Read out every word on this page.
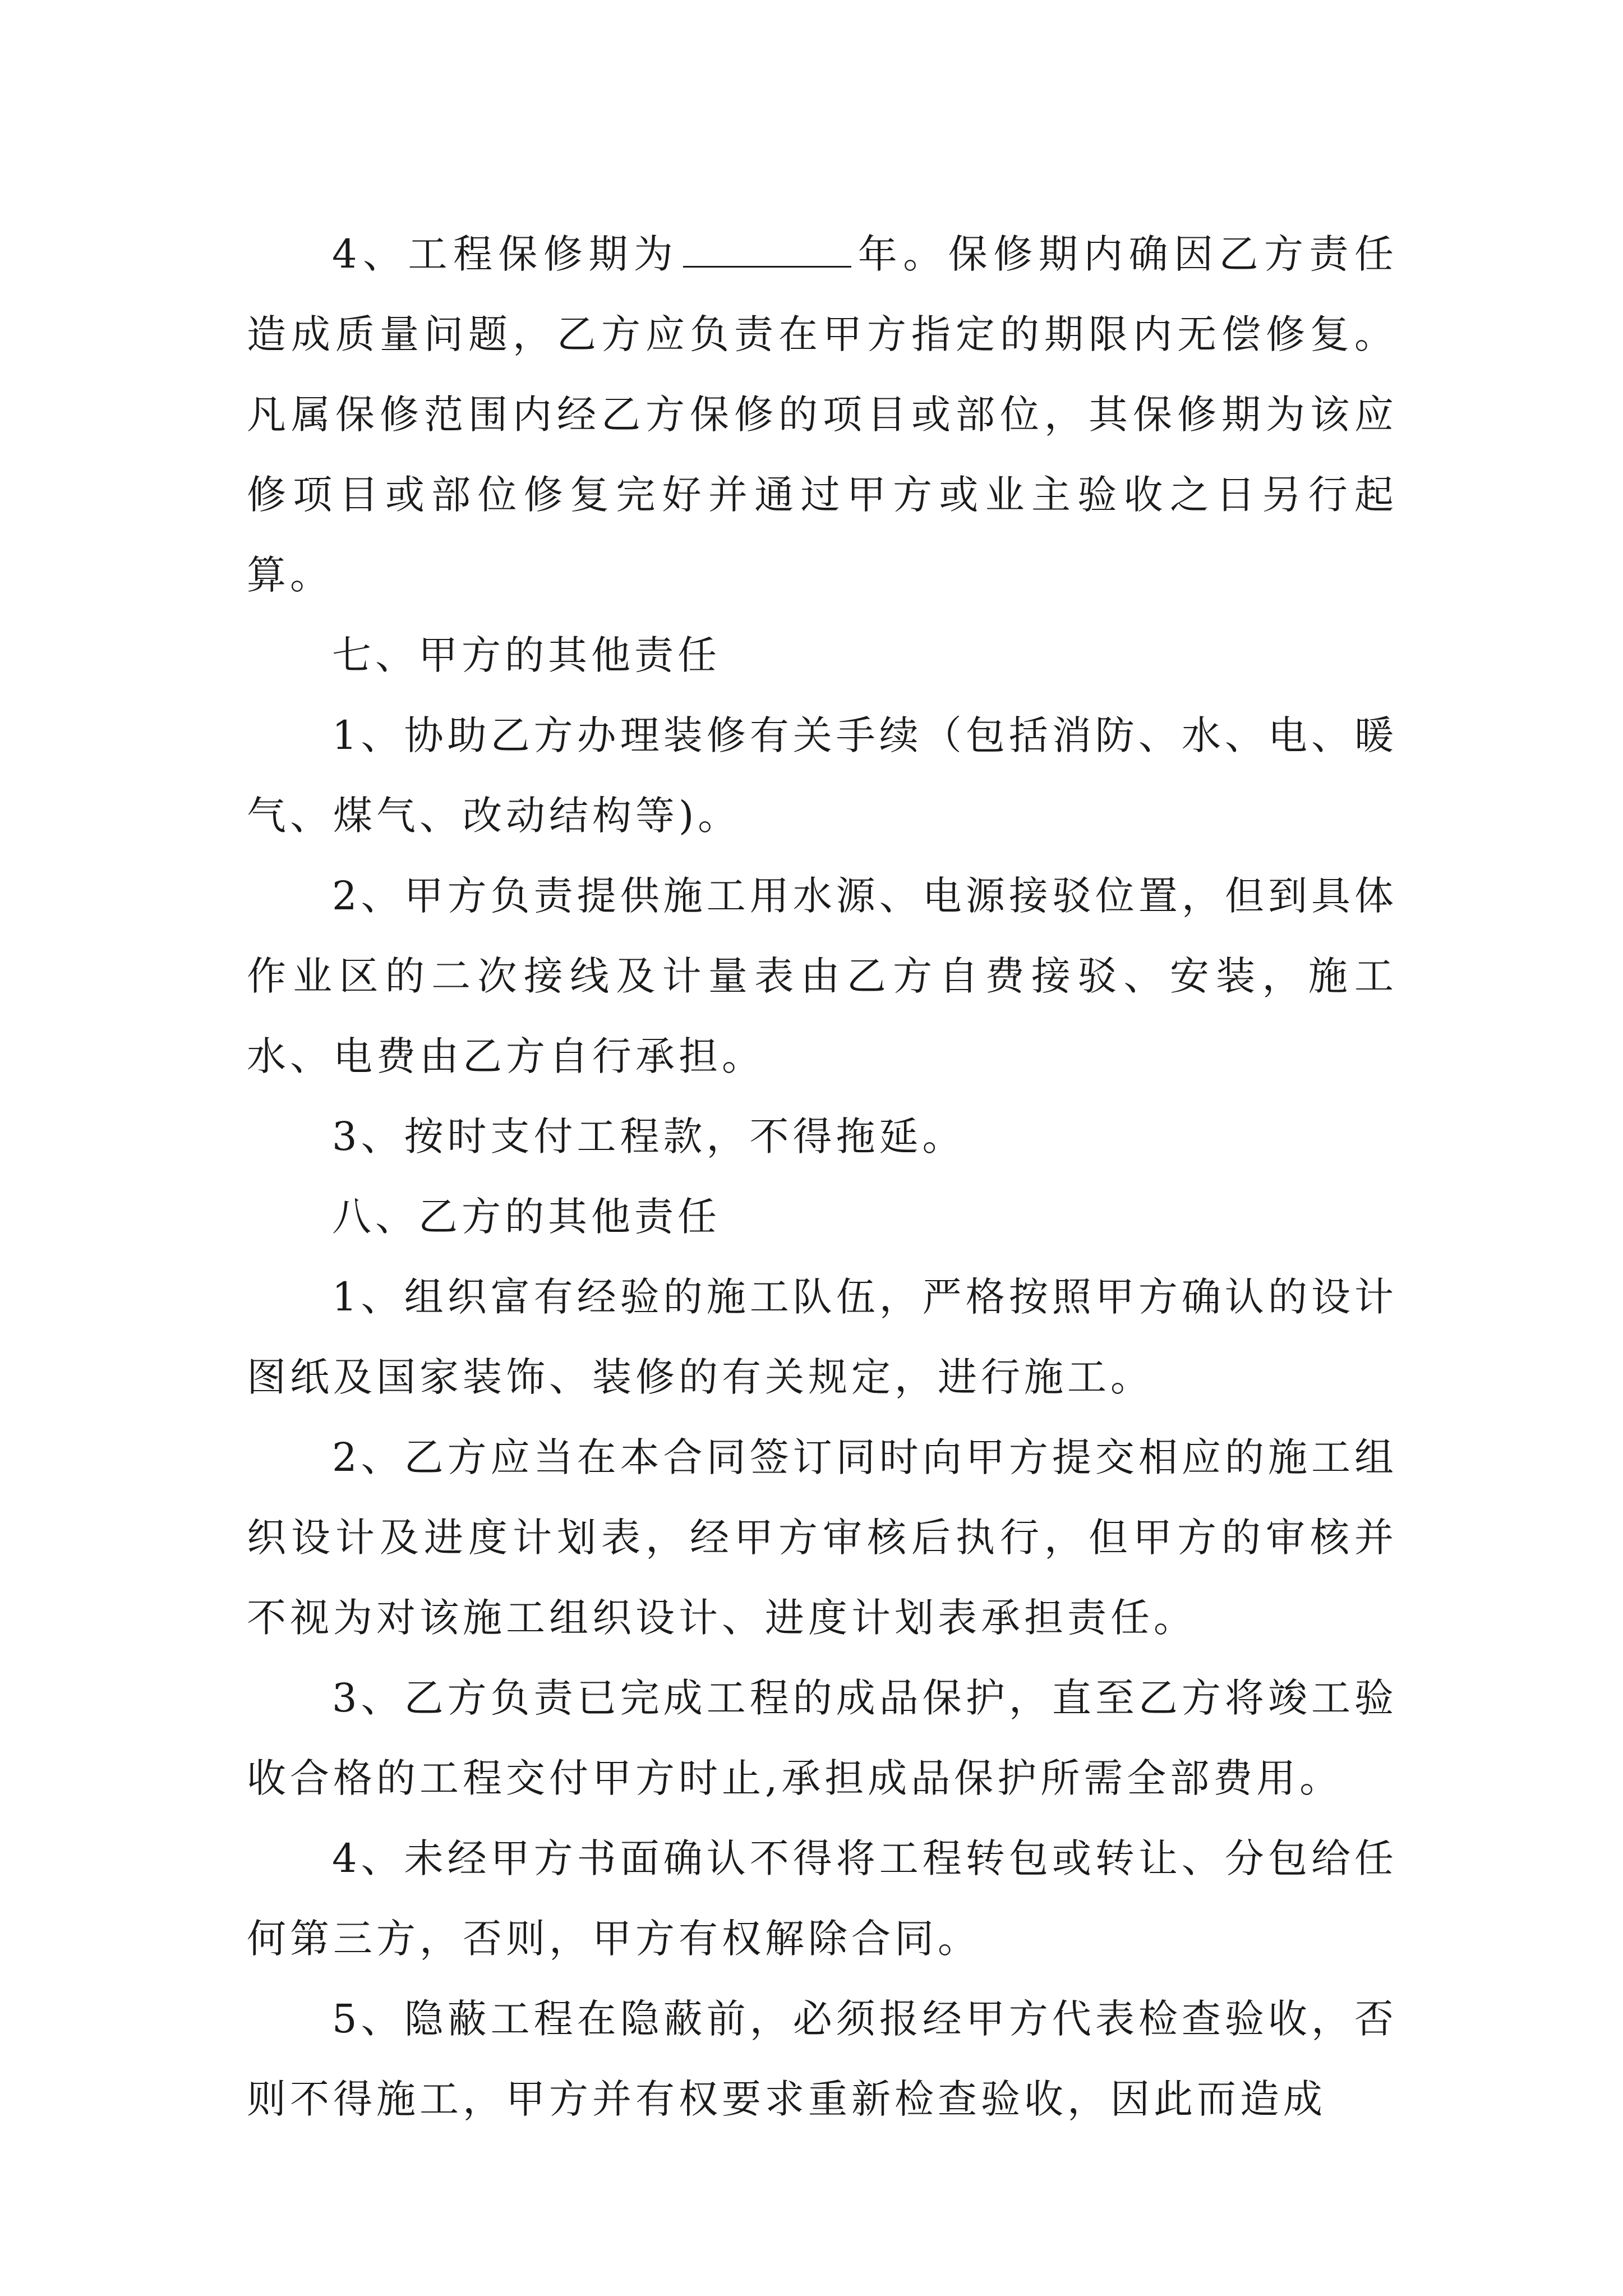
4、工程保修期为	年。保修期内确因乙方责任造成质量问题，乙方应负责在甲方指定的期限内无偿修复。凡属保修范围内经乙方保修的项目或部位，其保修期为该应修项目或部位修复完好并通过甲方或业主验收之日另行起算。

七、甲方的其他责任

1、协助乙方办理装修有关手续（包括消防、水、电、暖气、煤气、改动结构等)。

2、甲方负责提供施工用水源、电源接驳位置，但到具体作业区的二次接线及计量表由乙方自费接驳、安装，施工水、电费由乙方自行承担。

3、按时支付工程款，不得拖延。

八、乙方的其他责任

1、组织富有经验的施工队伍，严格按照甲方确认的设计图纸及国家装饰、装修的有关规定，进行施工。

2、乙方应当在本合同签订同时向甲方提交相应的施工组织设计及进度计划表，经甲方审核后执行，但甲方的审核并不视为对该施工组织设计、进度计划表承担责任。

3、乙方负责已完成工程的成品保护，直至乙方将竣工验收合格的工程交付甲方时止,承担成品保护所需全部费用。

4、未经甲方书面确认不得将工程转包或转让、分包给任何第三方，否则，甲方有权解除合同。

5、隐蔽工程在隐蔽前，必须报经甲方代表检查验收，否则不得施工，甲方并有权要求重新检查验收，因此而造成
